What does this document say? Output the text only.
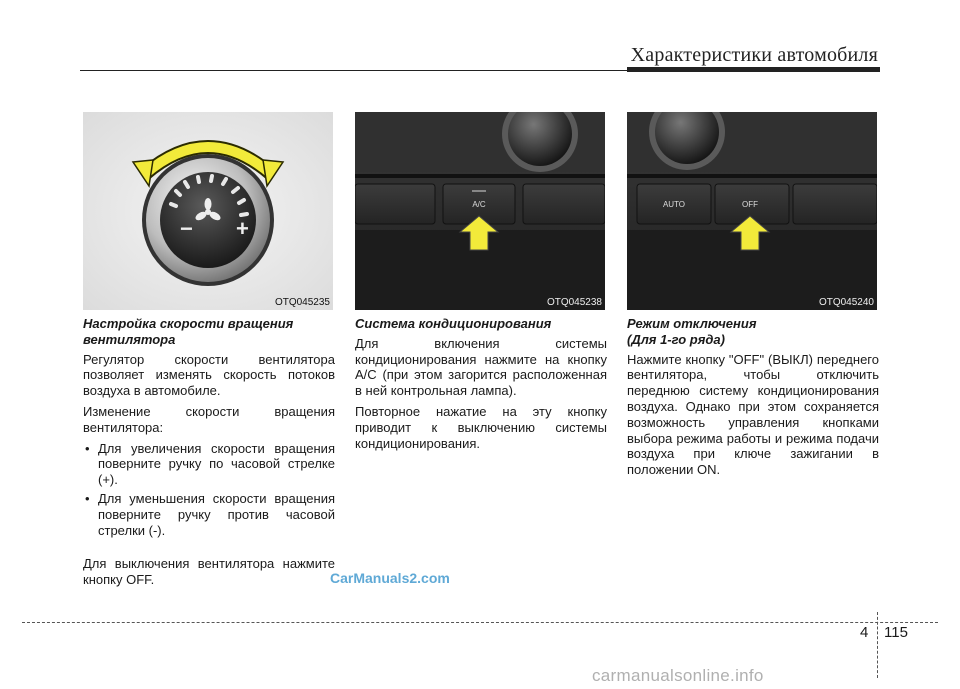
Характеристики автомобиля
− +
OTQ045235
A/C
OTQ045238
AUTO	OFF
OTQ045240
Настройка скорости вращения
вентилятора

Регулятор скорости вентилятора позволяет изменять скорость потоков воздуха в автомобиле.

Изменение скорости вращения вентилятора:

• Для увеличения скорости вращения поверните ручку по часовой стрелке (+).
• Для уменьшения скорости вращения поверните ручку против часовой стрелки (-).

Для выключения вентилятора нажмите кнопку OFF.

Система кондиционирования

Для включения системы кондиционирования нажмите на кнопку A/C (при этом загорится расположенная в ней контрольная лампа).

Повторное нажатие на эту кнопку приводит к выключению системы кондиционирования.

Режим отключения
(Для 1-го ряда)

Нажмите кнопку "OFF" (ВЫКЛ) переднего вентилятора, чтобы отключить переднюю систему кондиционирования воздуха. Однако при этом сохраняется возможность управления кнопками выбора режима работы и режима подачи воздуха при ключе зажигании в положении ON.

CarManuals2.com
4 115
carmanualsonline.info
